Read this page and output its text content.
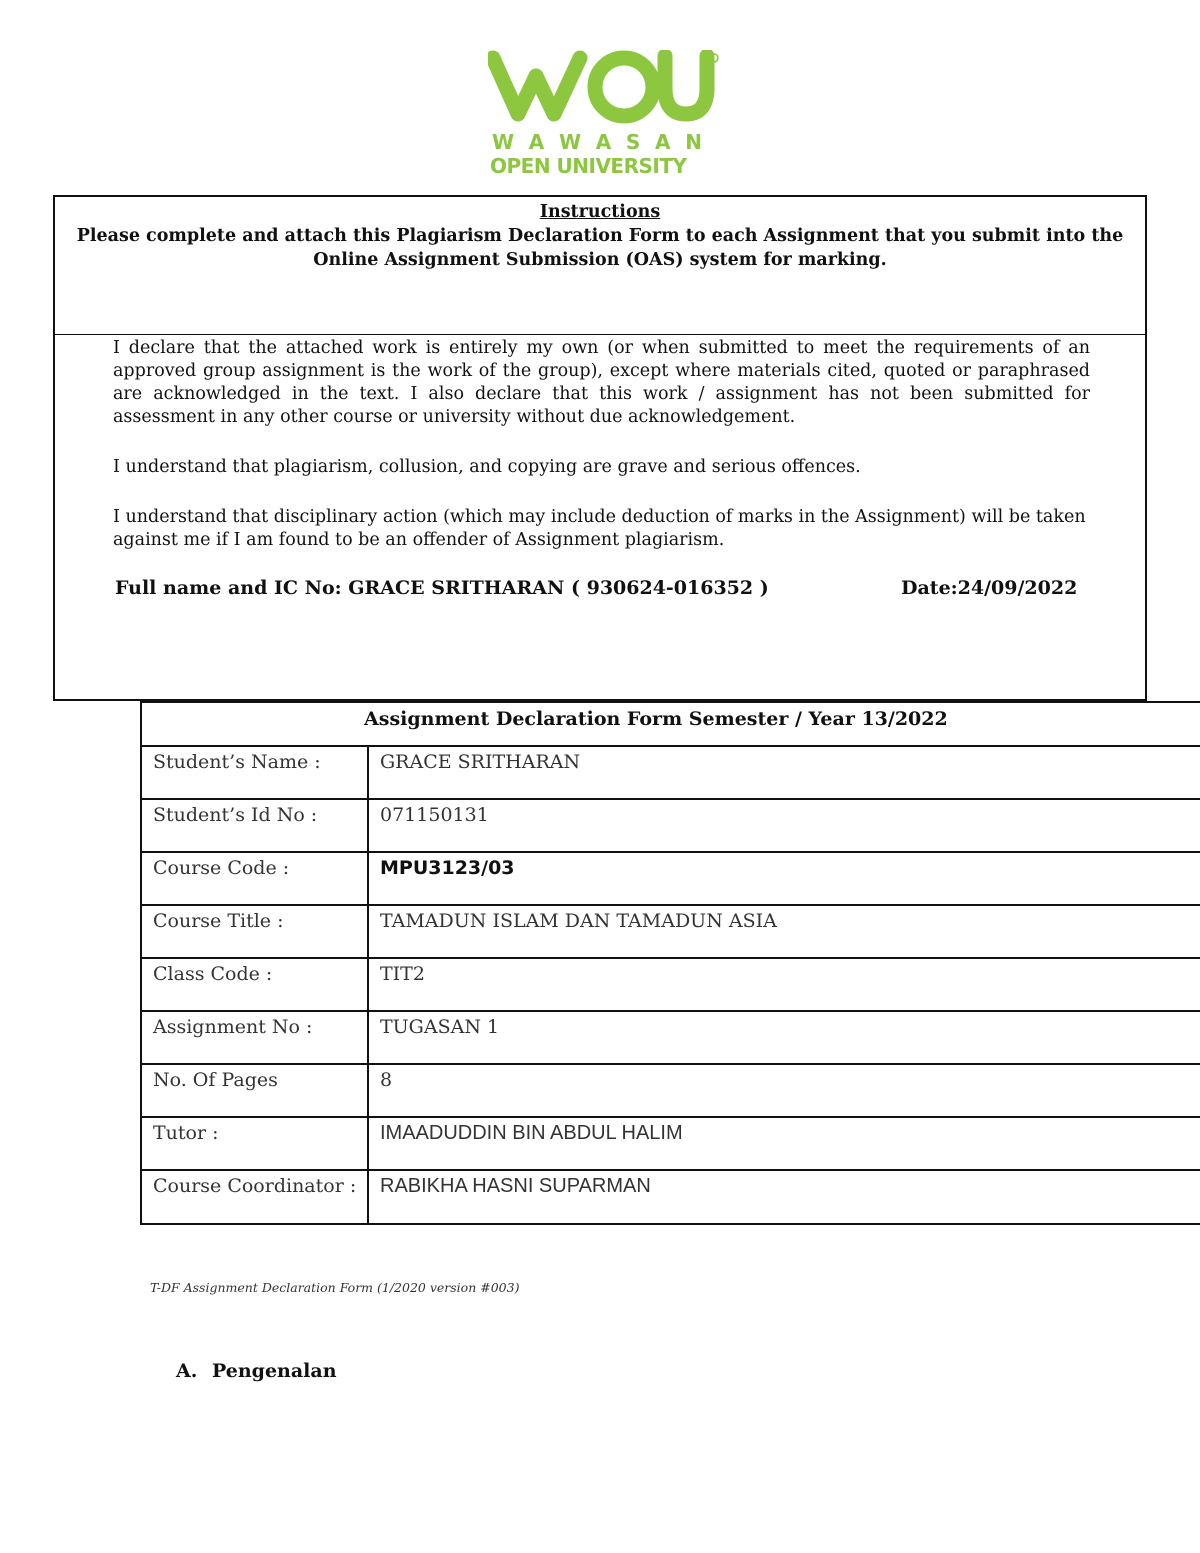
W A W A S A N
OPEN UNIVERSITY
Instructions
Please complete and attach this Plagiarism Declaration Form to each Assignment that you submit into the
Online Assignment Submission (OAS) system for marking.

I declare that the attached work is entirely my own (or when submitted to meet the requirements of an approved group assignment is the work of the group), except where materials cited, quoted or paraphrased are acknowledged in the text. I also declare that this work / assignment has not been submitted for assessment in any other course or university without due acknowledgement.

I understand that plagiarism, collusion, and copying are grave and serious offences.

I understand that disciplinary action (which may include deduction of marks in the Assignment) will be taken against me if I am found to be an offender of Assignment plagiarism.

Full name and IC No: GRACE SRITHARAN ( 930624-016352 )	Date:24/09/2022
Assignment Declaration Form Semester / Year 13/2022
Student’s Name :	GRACE SRITHARAN
Student’s Id No :	071150131
Course Code :	MPU3123/03
Course Title :	TAMADUN ISLAM DAN TAMADUN ASIA
Class Code :	TIT2
Assignment No :	TUGASAN 1
No. Of Pages	8
Tutor :	IMAADUDDIN BIN ABDUL HALIM
Course Coordinator :	RABIKHA HASNI SUPARMAN
T-DF Assignment Declaration Form (1/2020 version #003)
A. Pengenalan
